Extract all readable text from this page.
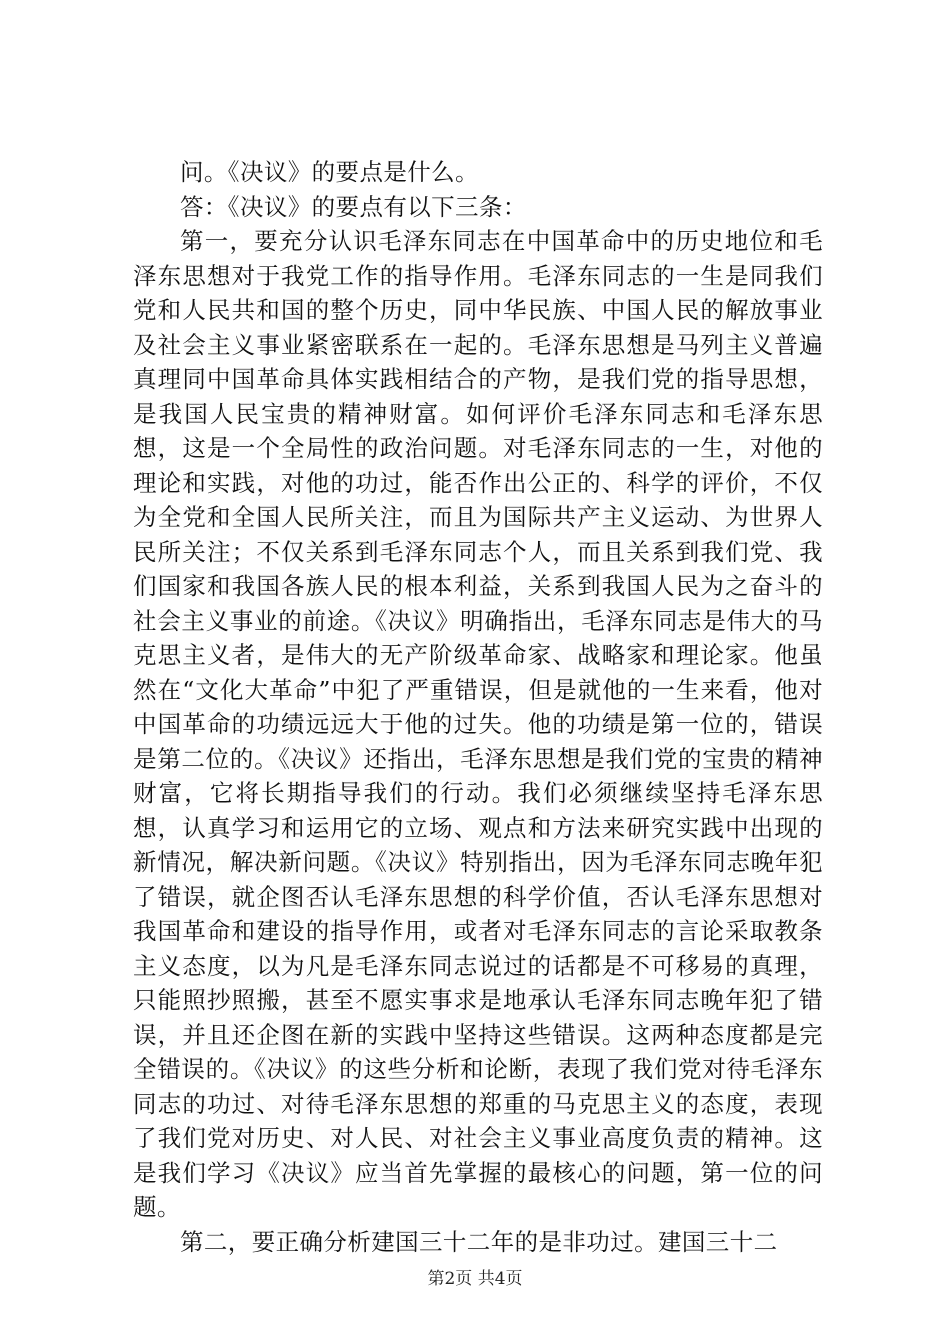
问。《决议》的要点是什么。

答：《决议》的要点有以下三条：

第一，要充分认识毛泽东同志在中国革命中的历史地位和毛泽东思想对于我党工作的指导作用。毛泽东同志的一生是同我们党和人民共和国的整个历史，同中华民族、中国人民的解放事业及社会主义事业紧密联系在一起的。毛泽东思想是马列主义普遍真理同中国革命具体实践相结合的产物，是我们党的指导思想，是我国人民宝贵的精神财富。如何评价毛泽东同志和毛泽东思想，这是一个全局性的政治问题。对毛泽东同志的一生，对他的理论和实践，对他的功过，能否作出公正的、科学的评价，不仅为全党和全国人民所关注，而且为国际共产主义运动、为世界人民所关注；不仅关系到毛泽东同志个人，而且关系到我们党、我们国家和我国各族人民的根本利益，关系到我国人民为之奋斗的社会主义事业的前途。《决议》明确指出，毛泽东同志是伟大的马克思主义者，是伟大的无产阶级革命家、战略家和理论家。他虽然在“文化大革命”中犯了严重错误，但是就他的一生来看，他对中国革命的功绩远远大于他的过失。他的功绩是第一位的，错误是第二位的。《决议》还指出，毛泽东思想是我们党的宝贵的精神财富，它将长期指导我们的行动。我们必须继续坚持毛泽东思想，认真学习和运用它的立场、观点和方法来研究实践中出现的新情况，解决新问题。《决议》特别指出，因为毛泽东同志晚年犯了错误，就企图否认毛泽东思想的科学价值，否认毛泽东思想对我国革命和建设的指导作用，或者对毛泽东同志的言论采取教条主义态度，以为凡是毛泽东同志说过的话都是不可移易的真理，只能照抄照搬，甚至不愿实事求是地承认毛泽东同志晚年犯了错误，并且还企图在新的实践中坚持这些错误。这两种态度都是完全错误的。《决议》的这些分析和论断，表现了我们党对待毛泽东同志的功过、对待毛泽东思想的郑重的马克思主义的态度，表现了我们党对历史、对人民、对社会主义事业高度负责的精神。这是我们学习《决议》应当首先掌握的最核心的问题，第一位的问题。

第二，要正确分析建国三十二年的是非功过。建国三十二

第2页 共4页
